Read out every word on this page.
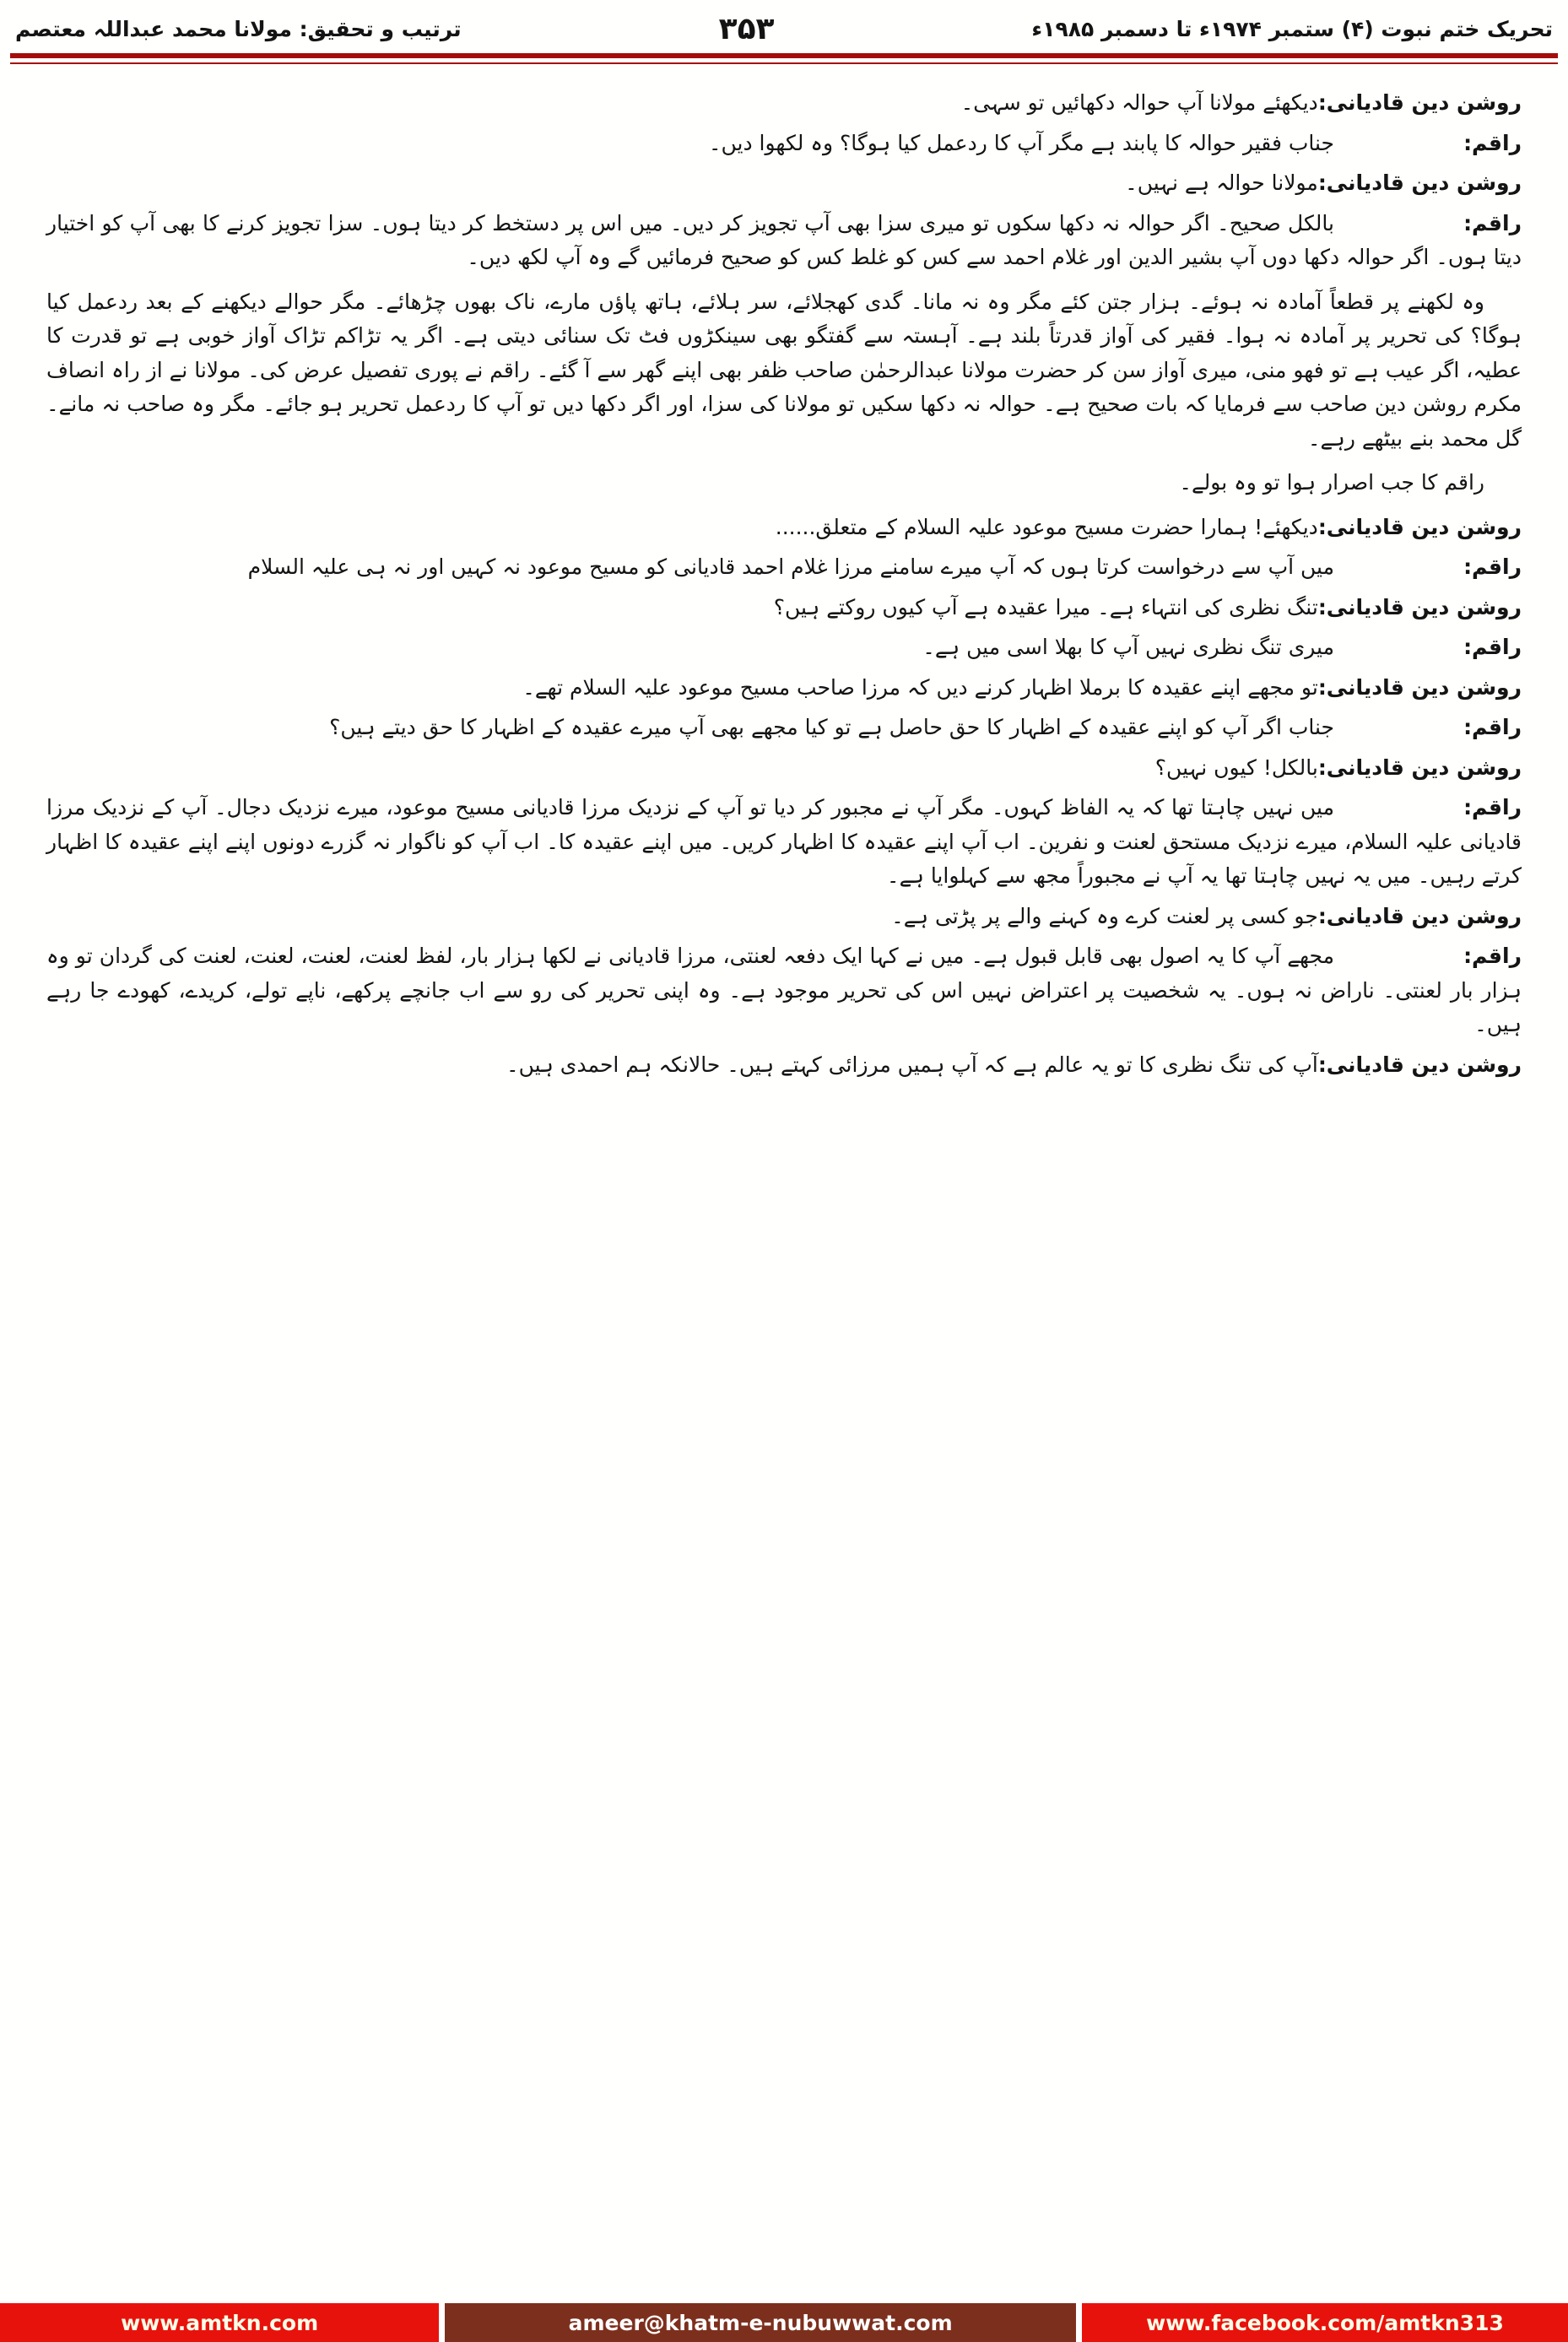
تحریک ختم نبوت (۴) ستمبر ۱۹۷۴ء تا دسمبر ۱۹۸۵ء
۳۵۳
ترتیب و تحقیق: مولانا محمد عبداللہ معتصم
روشن دین قادیانی:دیکھئے مولانا آپ حوالہ دکھائیں تو سہی۔
راقم:جناب فقیر حوالہ کا پابند ہے مگر آپ کا ردعمل کیا ہوگا؟ وہ لکھوا دیں۔
روشن دین قادیانی:مولانا حوالہ ہے نہیں۔
راقم:بالکل صحیح۔ اگر حوالہ نہ دکھا سکوں تو میری سزا بھی آپ تجویز کر دیں۔ میں اس پر دستخط کر دیتا ہوں۔ سزا تجویز کرنے کا بھی آپ کو اختیار دیتا ہوں۔ اگر حوالہ دکھا دوں آپ بشیر الدین اور غلام احمد سے کس کو غلط کس کو صحیح فرمائیں گے وہ آپ لکھ دیں۔
وہ لکھنے پر قطعاً آمادہ نہ ہوئے۔ ہزار جتن کئے مگر وہ نہ مانا۔ گدی کھجلائے، سر ہلائے، ہاتھ پاؤں مارے، ناک بھوں چڑھائے۔ مگر حوالے دیکھنے کے بعد ردعمل کیا ہوگا؟ کی تحریر پر آمادہ نہ ہوا۔ فقیر کی آواز قدرتاً بلند ہے۔ آہستہ سے گفتگو بھی سینکڑوں فٹ تک سنائی دیتی ہے۔ اگر یہ تڑاکم تڑاک آواز خوبی ہے تو قدرت کا عطیہ، اگر عیب ہے تو فھو منی، میری آواز سن کر حضرت مولانا عبدالرحمٰن صاحب ظفر بھی اپنے گھر سے آ گئے۔ راقم نے پوری تفصیل عرض کی۔ مولانا نے از راہ انصاف مکرم روشن دین صاحب سے فرمایا کہ بات صحیح ہے۔ حوالہ نہ دکھا سکیں تو مولانا کی سزا، اور اگر دکھا دیں تو آپ کا ردعمل تحریر ہو جائے۔ مگر وہ صاحب نہ مانے۔ گل محمد بنے بیٹھے رہے۔
راقم کا جب اصرار ہوا تو وہ بولے۔
روشن دین قادیانی:دیکھئے! ہمارا حضرت مسیح موعود علیہ السلام کے متعلق......
راقم:میں آپ سے درخواست کرتا ہوں کہ آپ میرے سامنے مرزا غلام احمد قادیانی کو مسیح موعود نہ کہیں اور نہ ہی علیہ السلام
روشن دین قادیانی:تنگ نظری کی انتہاء ہے۔ میرا عقیدہ ہے آپ کیوں روکتے ہیں؟
راقم:میری تنگ نظری نہیں آپ کا بھلا اسی میں ہے۔
روشن دین قادیانی:تو مجھے اپنے عقیدہ کا برملا اظہار کرنے دیں کہ مرزا صاحب مسیح موعود علیہ السلام تھے۔
راقم:جناب اگر آپ کو اپنے عقیدہ کے اظہار کا حق حاصل ہے تو کیا مجھے بھی آپ میرے عقیدہ کے اظہار کا حق دیتے ہیں؟
روشن دین قادیانی:بالکل! کیوں نہیں؟
راقم:میں نہیں چاہتا تھا کہ یہ الفاظ کہوں۔ مگر آپ نے مجبور کر دیا تو آپ کے نزدیک مرزا قادیانی مسیح موعود، میرے نزدیک دجال۔ آپ کے نزدیک مرزا قادیانی علیہ السلام، میرے نزدیک مستحق لعنت و نفرین۔ اب آپ اپنے عقیدہ کا اظہار کریں۔ میں اپنے عقیدہ کا۔ اب آپ کو ناگوار نہ گزرے دونوں اپنے اپنے عقیدہ کا اظہار کرتے رہیں۔ میں یہ نہیں چاہتا تھا یہ آپ نے مجبوراً مجھ سے کہلوایا ہے۔
روشن دین قادیانی:جو کسی پر لعنت کرے وہ کہنے والے پر پڑتی ہے۔
راقم:مجھے آپ کا یہ اصول بھی قابل قبول ہے۔ میں نے کہا ایک دفعہ لعنتی، مرزا قادیانی نے لکھا ہزار بار، لفظ لعنت، لعنت، لعنت، لعنت کی گردان تو وہ ہزار بار لعنتی۔ ناراض نہ ہوں۔ یہ شخصیت پر اعتراض نہیں اس کی تحریر موجود ہے۔ وہ اپنی تحریر کی رو سے اب جانچے پرکھے، ناپے تولے، کریدے، کھودے جا رہے ہیں۔
روشن دین قادیانی:آپ کی تنگ نظری کا تو یہ عالم ہے کہ آپ ہمیں مرزائی کہتے ہیں۔ حالانکہ ہم احمدی ہیں۔
www.amtkn.com	ameer@khatm-e-nubuwwat.com	www.facebook.com/amtkn313
